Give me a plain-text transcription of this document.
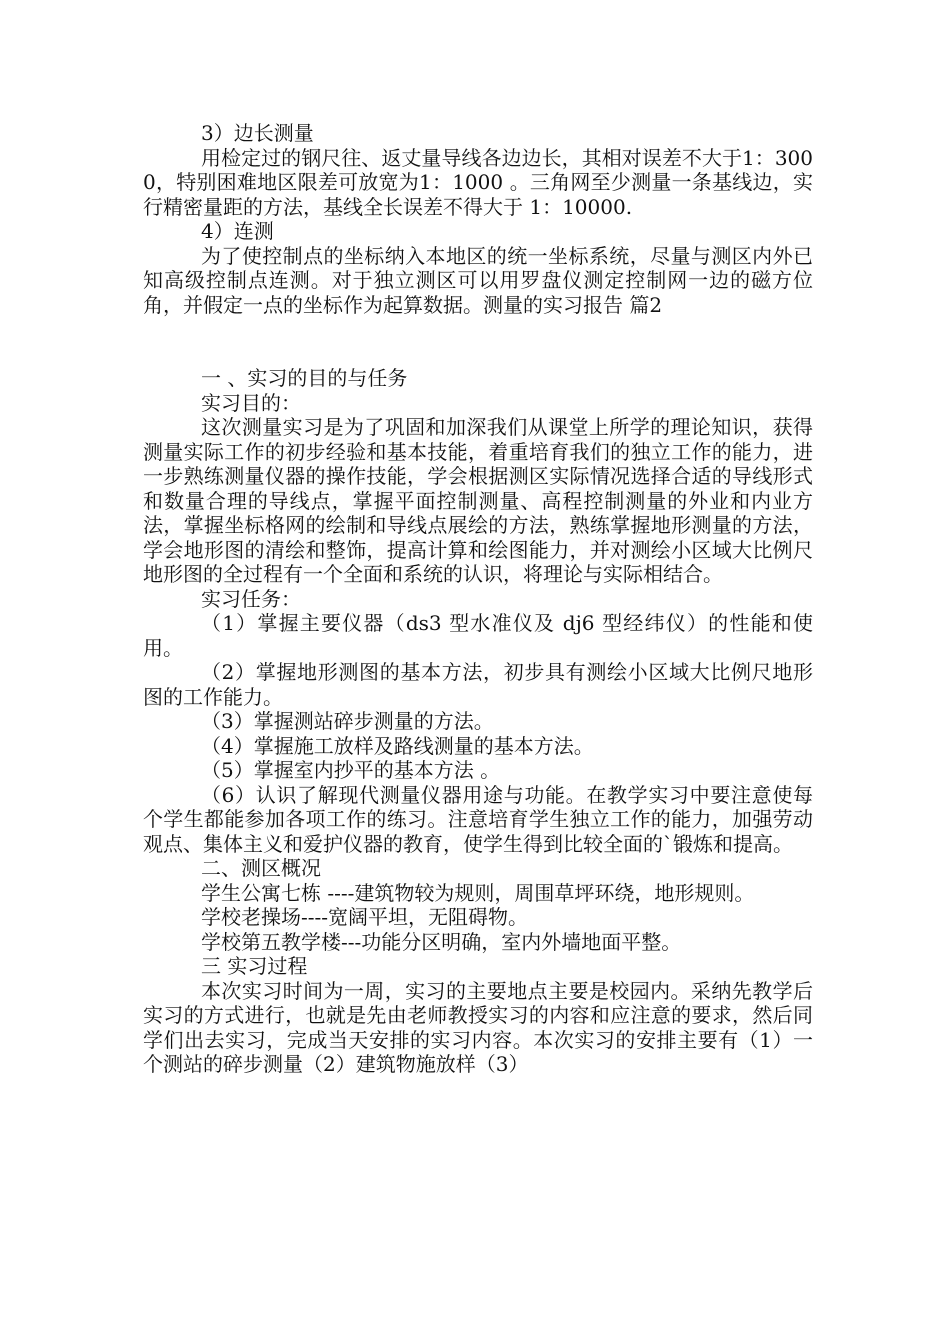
3）边长测量

用检定过的钢尺往、返丈量导线各边边长，其相对误差不大于1：3000，特别困难地区限差可放宽为1：1000 。三角网至少测量一条基线边，实行精密量距的方法，基线全长误差不得大于 1：10000.

4）连测

为了使控制点的坐标纳入本地区的统一坐标系统，尽量与测区内外已知高级控制点连测。对于独立测区可以用罗盘仪测定控制网一边的磁方位角，并假定一点的坐标作为起算数据。测量的实习报告 篇2

一 、实习的目的与任务

实习目的：

这次测量实习是为了巩固和加深我们从课堂上所学的理论知识，获得测量实际工作的初步经验和基本技能，着重培育我们的独立工作的能力，进一步熟练测量仪器的操作技能，学会根据测区实际情况选择合适的导线形式和数量合理的导线点，掌握平面控制测量、高程控制测量的外业和内业方法，掌握坐标格网的绘制和导线点展绘的方法，熟练掌握地形测量的方法，学会地形图的清绘和整饰，提高计算和绘图能力，并对测绘小区域大比例尺地形图的全过程有一个全面和系统的认识，将理论与实际相结合。

实习任务：

（1）掌握主要仪器（ds3 型水准仪及 dj6 型经纬仪）的性能和使用。

（2）掌握地形测图的基本方法，初步具有测绘小区域大比例尺地形图的工作能力。

（3）掌握测站碎步测量的方法。

（4）掌握施工放样及路线测量的基本方法。

（5）掌握室内抄平的基本方法 。

（6）认识了解现代测量仪器用途与功能。在教学实习中要注意使每个学生都能参加各项工作的练习。注意培育学生独立工作的能力，加强劳动观点、集体主义和爱护仪器的教育，使学生得到比较全面的`锻炼和提高。

二、测区概况

学生公寓七栋 ----建筑物较为规则，周围草坪环绕，地形规则。

学校老操场----宽阔平坦，无阻碍物。

学校第五教学楼---功能分区明确，室内外墙地面平整。

三 实习过程

本次实习时间为一周，实习的主要地点主要是校园内。采纳先教学后实习的方式进行，也就是先由老师教授实习的内容和应注意的要求，然后同学们出去实习，完成当天安排的实习内容。本次实习的安排主要有（1）一个测站的碎步测量（2）建筑物施放样（3）
